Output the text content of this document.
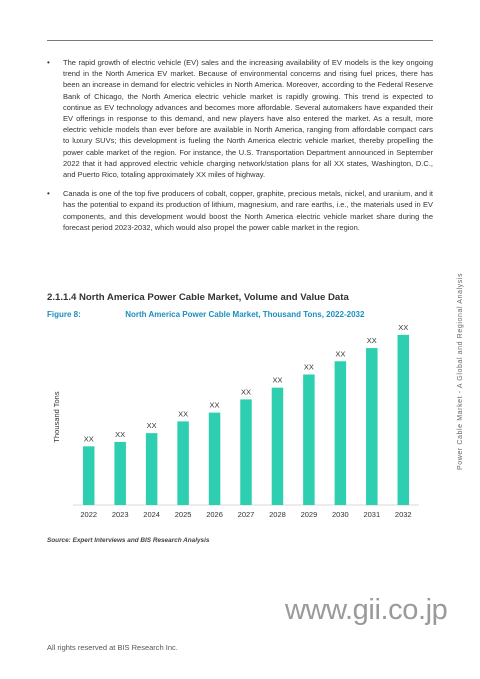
• The rapid growth of electric vehicle (EV) sales and the increasing availability of EV models is the key ongoing trend in the North America EV market. Because of environmental concerns and rising fuel prices, there has been an increase in demand for electric vehicles in North America. Moreover, according to the Federal Reserve Bank of Chicago, the North America electric vehicle market is rapidly growing. This trend is expected to continue as EV technology advances and becomes more affordable. Several automakers have expanded their EV offerings in response to this demand, and new players have also entered the market. As a result, more electric vehicle models than ever before are available in North America, ranging from affordable compact cars to luxury SUVs; this development is fueling the North America electric vehicle market, thereby propelling the power cable market of the region. For instance, the U.S. Transportation Department announced in September 2022 that it had approved electric vehicle charging network/station plans for all XX states, Washington, D.C., and Puerto Rico, totaling approximately XX miles of highway.
• Canada is one of the top five producers of cobalt, copper, graphite, precious metals, nickel, and uranium, and it has the potential to expand its production of lithium, magnesium, and rare earths, i.e., the materials used in EV components, and this development would boost the North America electric vehicle market share during the forecast period 2023-2032, which would also propel the power cable market in the region.
2.1.1.4 North America Power Cable Market, Volume and Value Data
Figure 8:	North America Power Cable Market, Thousand Tons, 2022-2032
Thousand Tons	XX
2022
XX
2023
XX
2024
XX
2025
XX
2026
XX
2027
XX
2028
XX
2029
XX
2030
XX
2031
XX
2032
Source: Expert Interviews and BIS Research Analysis
www.gii.co.jp
All rights reserved at BIS Research Inc.
Power Cable Market - A Global and Regional Analysis
